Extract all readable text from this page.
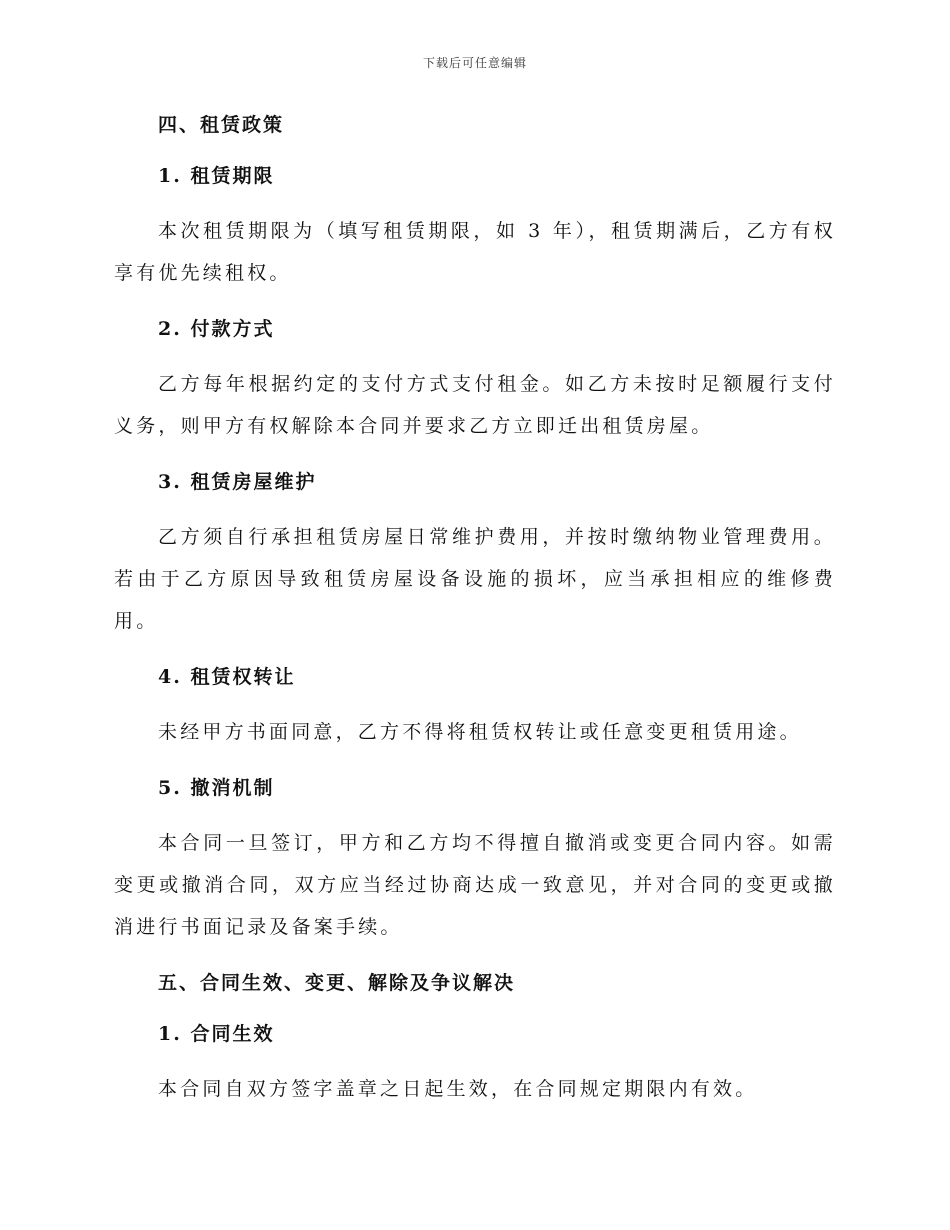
下载后可任意编辑
四、租赁政策
1. 租赁期限

本次租赁期限为（填写租赁期限，如 3 年），租赁期满后，乙方有权享有优先续租权。

2. 付款方式

乙方每年根据约定的支付方式支付租金。如乙方未按时足额履行支付义务，则甲方有权解除本合同并要求乙方立即迁出租赁房屋。

3. 租赁房屋维护

乙方须自行承担租赁房屋日常维护费用，并按时缴纳物业管理费用。若由于乙方原因导致租赁房屋设备设施的损坏，应当承担相应的维修费用。

4. 租赁权转让

未经甲方书面同意，乙方不得将租赁权转让或任意变更租赁用途。

5. 撤消机制

本合同一旦签订，甲方和乙方均不得擅自撤消或变更合同内容。如需变更或撤消合同，双方应当经过协商达成一致意见，并对合同的变更或撤消进行书面记录及备案手续。

五、合同生效、变更、解除及争议解决
1. 合同生效

本合同自双方签字盖章之日起生效，在合同规定期限内有效。
